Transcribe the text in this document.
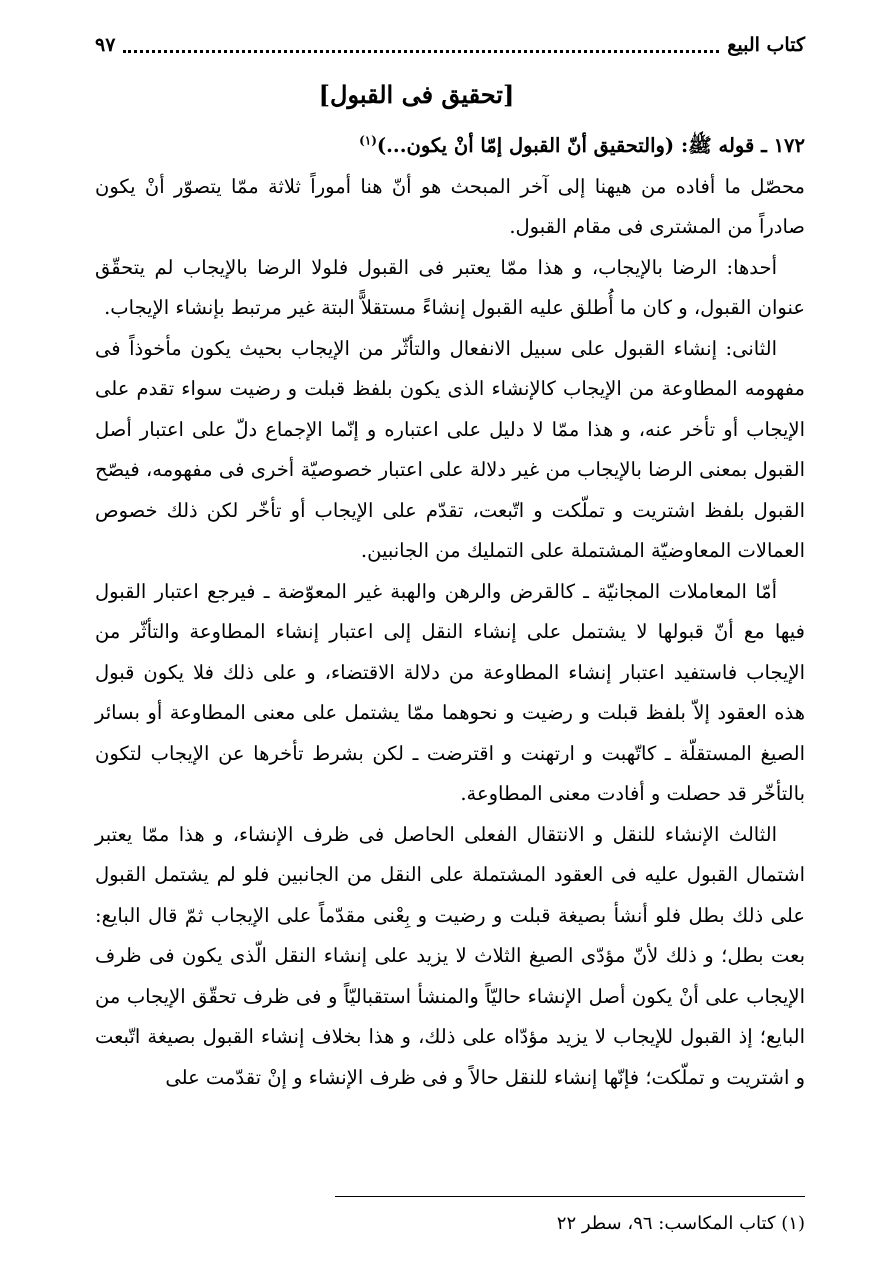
كتاب البيع
٩٧
[تحقيق فى القبول]

١٧٢ ـ قوله ﷺ: (والتحقيق أنّ القبول إمّا أنْ يكون...)$^{(١)}$

محصّل ما أفاده من هيهنا إلى آخر المبحث هو أنّ هنا أموراً ثلاثة ممّا يتصوّر أنْ يكون صادراً من المشترى فى مقام القبول.

أحدها: الرضا بالإيجاب، و هذا ممّا يعتبر فى القبول فلولا الرضا بالإيجاب لم يتحقّق عنوان القبول، و كان ما أُطلق عليه القبول إنشاءً مستقلاًّ البتة غير مرتبط بإنشاء الإيجاب.

الثانى: إنشاء القبول على سبيل الانفعال والتأثّر من الإيجاب بحيث يكون مأخوذاً فى مفهومه المطاوعة من الإيجاب كالإنشاء الذى يكون بلفظ قبلت و رضيت سواء تقدم على الإيجاب أو تأخر عنه، و هذا ممّا لا دليل على اعتباره و إنّما الإجماع دلّ على اعتبار أصل القبول بمعنى الرضا بالإيجاب من غير دلالة على اعتبار خصوصيّة أخرى فى مفهومه، فيصّح القبول بلفظ اشتريت و تملّكت و اتّبعت، تقدّم على الإيجاب أو تأخّر لكن ذلك خصوص العمالات المعاوضيّة المشتملة على التمليك من الجانبين.

أمّا المعاملات المجانيّة ـ كالقرض والرهن والهبة غير المعوّضة ـ فيرجع اعتبار القبول فيها مع أنّ قبولها لا يشتمل على إنشاء النقل إلى اعتبار إنشاء المطاوعة والتأثّر من الإيجاب فاستفيد اعتبار إنشاء المطاوعة من دلالة الاقتضاء، و على ذلك فلا يكون قبول هذه العقود إلاّ بلفظ قبلت و رضيت و نحوهما ممّا يشتمل على معنى المطاوعة أو بسائر الصيغ المستقلّة ـ كاتّهبت و ارتهنت و اقترضت ـ لكن بشرط تأخرها عن الإيجاب لتكون بالتأخّر قد حصلت و أفادت معنى المطاوعة.

الثالث الإنشاء للنقل و الانتقال الفعلى الحاصل فى ظرف الإنشاء، و هذا ممّا يعتبر اشتمال القبول عليه فى العقود المشتملة على النقل من الجانبين فلو لم يشتمل القبول على ذلك بطل فلو أنشأ بصيغة قبلت و رضيت و بِعْنى مقدّماً على الإيجاب ثمّ قال البايع: بعت بطل؛ و ذلك لأنّ مؤدّى الصيغ الثلاث لا يزيد على إنشاء النقل الّذى يكون فى ظرف الإيجاب على أنْ يكون أصل الإنشاء حاليّاً والمنشأ استقباليّاً و فى ظرف تحقّق الإيجاب من البايع؛ إذ القبول للإيجاب لا يزيد مؤدّاه على ذلك، و هذا بخلاف إنشاء القبول بصيغة اتّبعت و اشتريت و تملّكت؛ فإنّها إنشاء للنقل حالاً و فى ظرف الإنشاء و إنْ تقدّمت على

(١) كتاب المكاسب: ٩٦، سطر ٢٢
